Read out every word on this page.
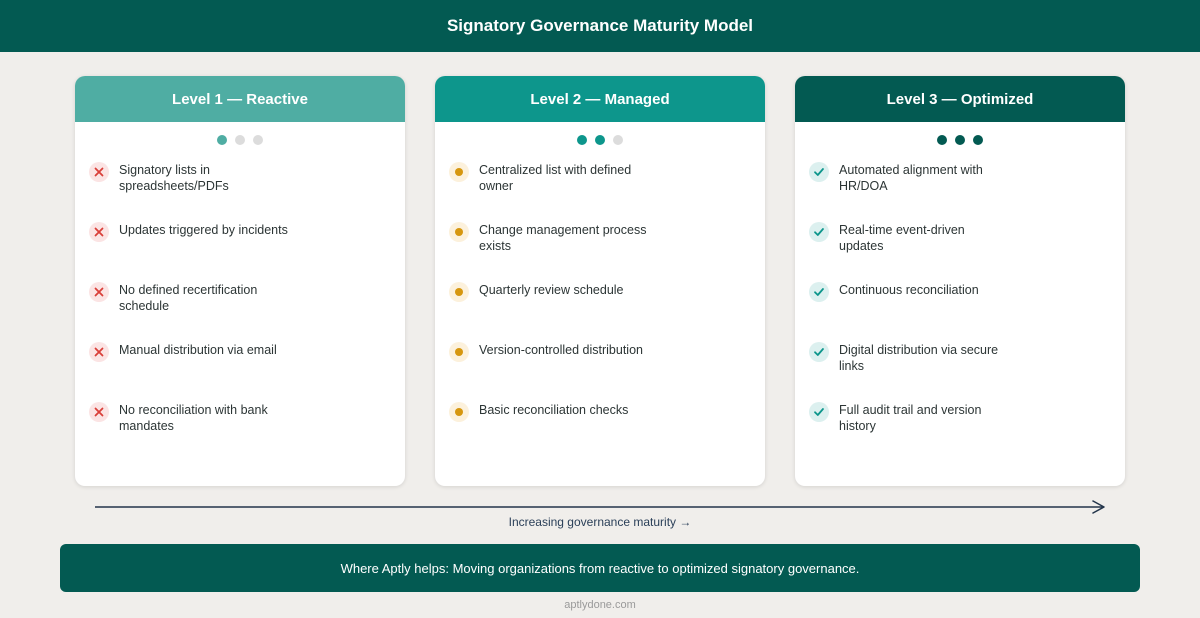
Signatory Governance Maturity Model
Level 1 — Reactive
Signatory lists in spreadsheets/PDFs
Updates triggered by incidents
No defined recertification schedule
Manual distribution via email
No reconciliation with bank mandates
Level 2 — Managed
Centralized list with defined owner
Change management process exists
Quarterly review schedule
Version-controlled distribution
Basic reconciliation checks
Level 3 — Optimized
Automated alignment with HR/DOA
Real-time event-driven updates
Continuous reconciliation
Digital distribution via secure links
Full audit trail and version history
Increasing governance maturity →
Where Aptly helps: Moving organizations from reactive to optimized signatory governance.
aptlydone.com
